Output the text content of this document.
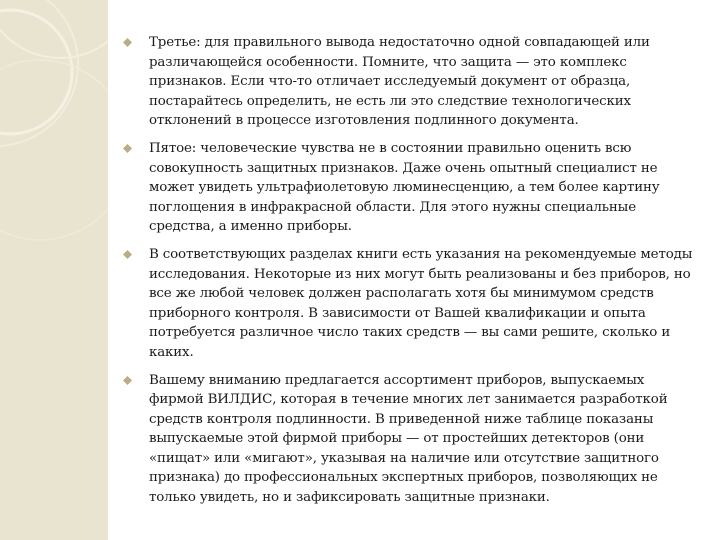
Третье: для правильного вывода недостаточно одной совпадающей или различающейся особенности. Помните, что защита — это комплекс признаков. Если что-то отличает исследуемый документ от образца, постарайтесь определить, не есть ли это следствие технологических отклонений в процессе изготовления подлинного документа.
Пятое: человеческие чувства не в состоянии правильно оценить всю совокупность защитных признаков. Даже очень опытный специалист не может увидеть ультрафиолетовую люминесценцию, а тем более картину поглощения в инфракрасной области. Для этого нужны специальные средства, а именно приборы.
В соответствующих разделах книги есть указания на рекомендуемые методы исследования. Некоторые из них могут быть реализованы и без приборов, но все же любой человек должен располагать хотя бы минимумом средств приборного контроля. В зависимости от Вашей квалификации и опыта потребуется различное число таких средств — вы сами решите, сколько и каких.
Вашему вниманию предлагается ассортимент приборов, выпускаемых фирмой ВИЛДИС, которая в течение многих лет занимается разработкой средств контроля подлинности. В приведенной ниже таблице показаны выпускаемые этой фирмой приборы — от простейших детекторов (они «пищат» или «мигают», указывая на наличие или отсутствие защитного признака) до профессиональных экспертных приборов, позволяющих не только увидеть, но и зафиксировать защитные признаки.
